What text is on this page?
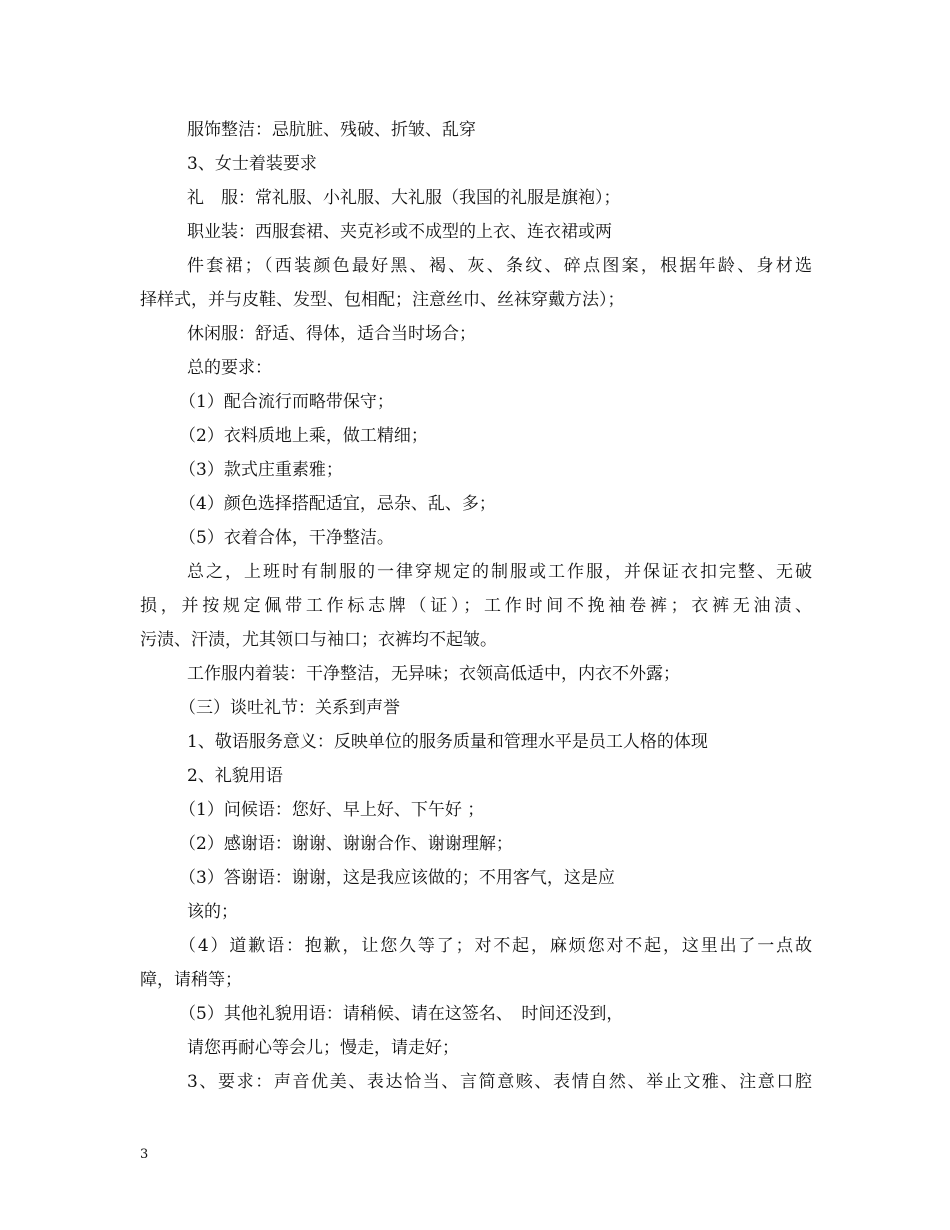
服饰整洁：忌肮脏、残破、折皱、乱穿
3、女士着装要求
礼　服：常礼服、小礼服、大礼服（我国的礼服是旗袍）；
职业装：西服套裙、夹克衫或不成型的上衣、连衣裙或两
件套裙；（西装颜色最好黑、褐、灰、条纹、碎点图案，根据年龄、身材选
择样式，并与皮鞋、发型、包相配；注意丝巾、丝袜穿戴方法）；
休闲服：舒适、得体，适合当时场合；
总的要求：
（1）配合流行而略带保守；
（2）衣料质地上乘，做工精细；
（3）款式庄重素雅；
（4）颜色选择搭配适宜，忌杂、乱、多；
（5）衣着合体，干净整洁。
总之，上班时有制服的一律穿规定的制服或工作服，并保证衣扣完整、无破
损，并按规定佩带工作标志牌（证）；工作时间不挽袖卷裤；衣裤无油渍、
污渍、汗渍，尤其领口与袖口；衣裤均不起皱。
工作服内着装：干净整洁，无异味；衣领高低适中，内衣不外露；
（三）谈吐礼节：关系到声誉
1、敬语服务意义：反映单位的服务质量和管理水平是员工人格的体现
2、礼貌用语
（1）问候语：您好、早上好、下午好 ；
（2）感谢语：谢谢、谢谢合作、谢谢理解；
（3）答谢语：谢谢，这是我应该做的；不用客气，这是应
该的；
（4）道歉语：抱歉，让您久等了；对不起，麻烦您对不起，这里出了一点故
障，请稍等；
（5）其他礼貌用语：请稍候、请在这签名、　时间还没到，
请您再耐心等会儿；慢走，请走好；
3、要求：声音优美、表达恰当、言简意赅、表情自然、举止文雅、注意口腔
3
